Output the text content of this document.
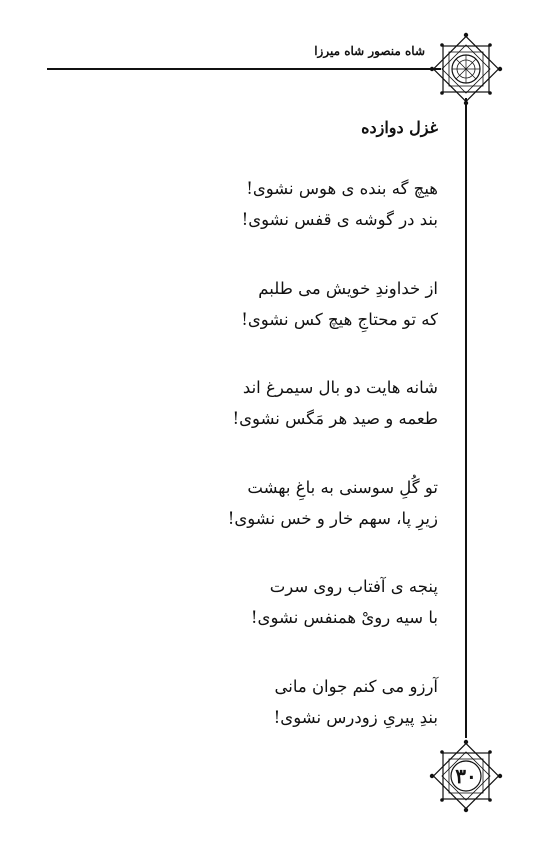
شاه منصور شاه میرزا
غزل دوازده
هیچ گه بنده ی هوس نشوی!
بند در گوشه ی قفس نشوی!
از خداوندِ خویش می طلبم
که تو محتاجِ هیچ کس نشوی!
شانه هایت دو بال سیمرغ اند
طعمه و صید هر مَگس نشوی!
تو گُلِ سوسنی به باغِ بهشت
زیرِ پا، سهم خار و خس نشوی!
پنجه ی آفتاب روی سرت
با سیه رویْ همنفس نشوی!
آرزو می کنم جوان مانی
بندِ پیریِ زودرس نشوی!
۳۰
